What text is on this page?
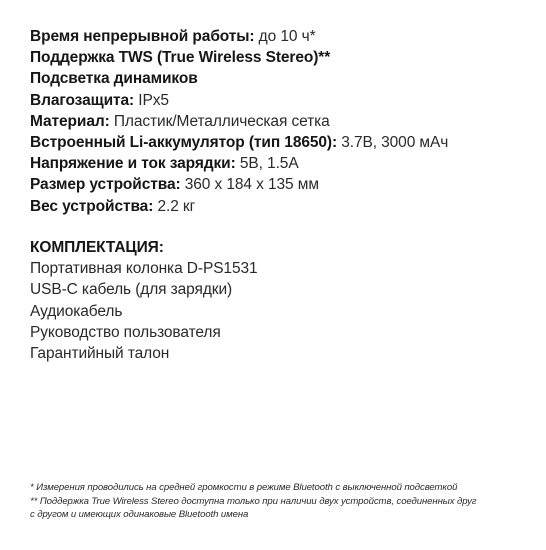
Время непрерывной работы: до 10 ч*
Поддержка TWS (True Wireless Stereo)**
Подсветка динамиков
Влагозащита: IPx5
Материал: Пластик/Металлическая сетка
Встроенный Li-аккумулятор (тип 18650): 3.7В, 3000 мАч
Напряжение и ток зарядки: 5В, 1.5А
Размер устройства: 360 х 184 х 135 мм
Вес устройства: 2.2 кг
КОМПЛЕКТАЦИЯ:
Портативная колонка D-PS1531
USB-C кабель (для зарядки)
Аудиокабель
Руководство пользователя
Гарантийный талон
* Измерения проводились на средней громкости в режиме Bluetooth с выключенной подсветкой
** Поддержка True Wireless Stereo доступна только при наличии двух устройств, соединенных друг
с другом и имеющих одинаковые Bluetooth имена
